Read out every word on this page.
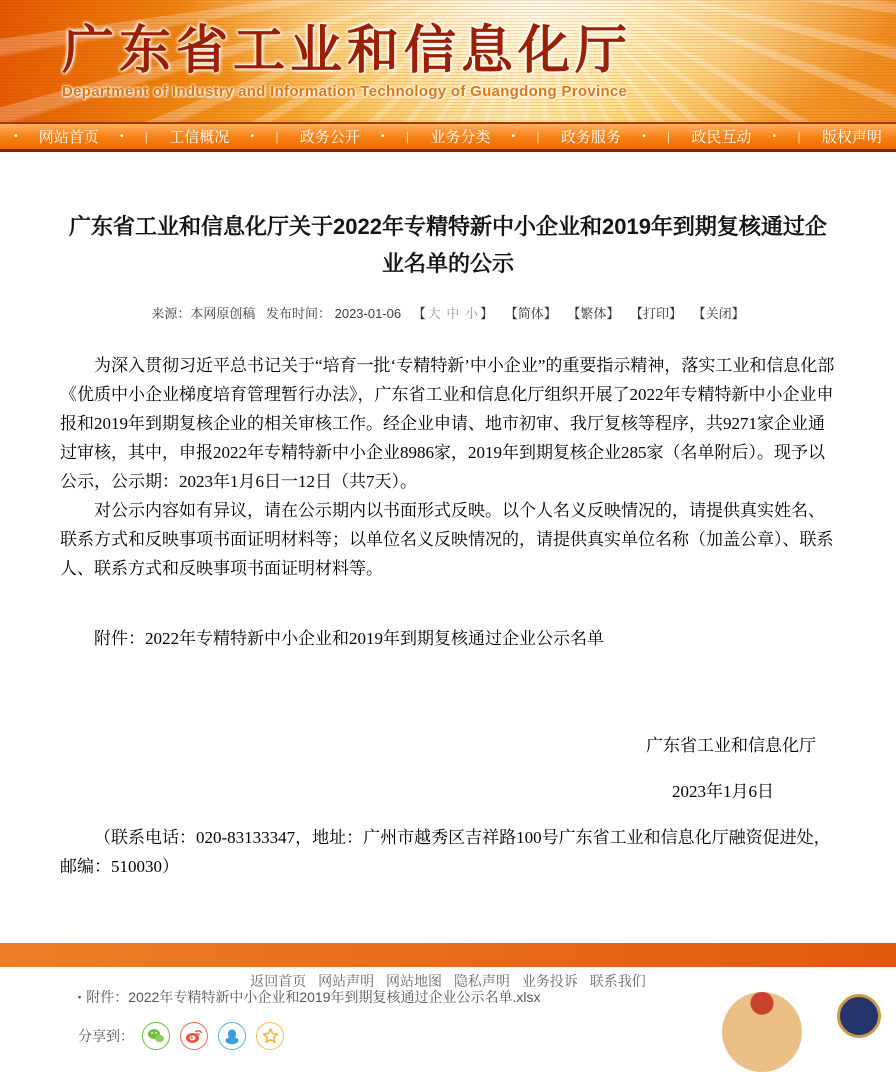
广东省工业和信息化厅
Department of Industry and Information Technology of Guangdong Province
• 网站首页 • | 工信概况 • | 政务公开 • | 业务分类 • | 政务服务 • | 政民互动 • | 版权声明
广东省工业和信息化厅关于2022年专精特新中小企业和2019年到期复核通过企业名单的公示
来源：本网原创稿 发布时间： 2023-01-06 【 大 中 小 】 【简体】 【繁体】 【打印】 【关闭】

为深入贯彻习近平总书记关于“培育一批‘专精特新’中小企业”的重要指示精神，落实工业和信息化部《优质中小企业梯度培育管理暂行办法》，广东省工业和信息化厅组织开展了2022年专精特新中小企业申报和2019年到期复核企业的相关审核工作。经企业申请、地市初审、我厅复核等程序，共9271家企业通过审核，其中，申报2022年专精特新中小企业8986家，2019年到期复核企业285家（名单附后）。现予以公示，公示期：2023年1月6日一12日（共7天）。

对公示内容如有异议，请在公示期内以书面形式反映。以个人名义反映情况的，请提供真实姓名、联系方式和反映事项书面证明材料等；以单位名义反映情况的，请提供真实单位名称（加盖公章）、联系人、联系方式和反映事项书面证明材料等。

附件：2022年专精特新中小企业和2019年到期复核通过企业公示名单

广东省工业和信息化厅

2023年1月6日

（联系电话：020-83133347，地址：广州市越秀区吉祥路100号广东省工业和信息化厅融资促进处，邮编：510030）

▪ 附件：2022年专精特新中小企业和2019年到期复核通过企业公示名单.xlsx
分享到：
返回首页 网站声明 网站地图 隐私声明 业务投诉 联系我们
